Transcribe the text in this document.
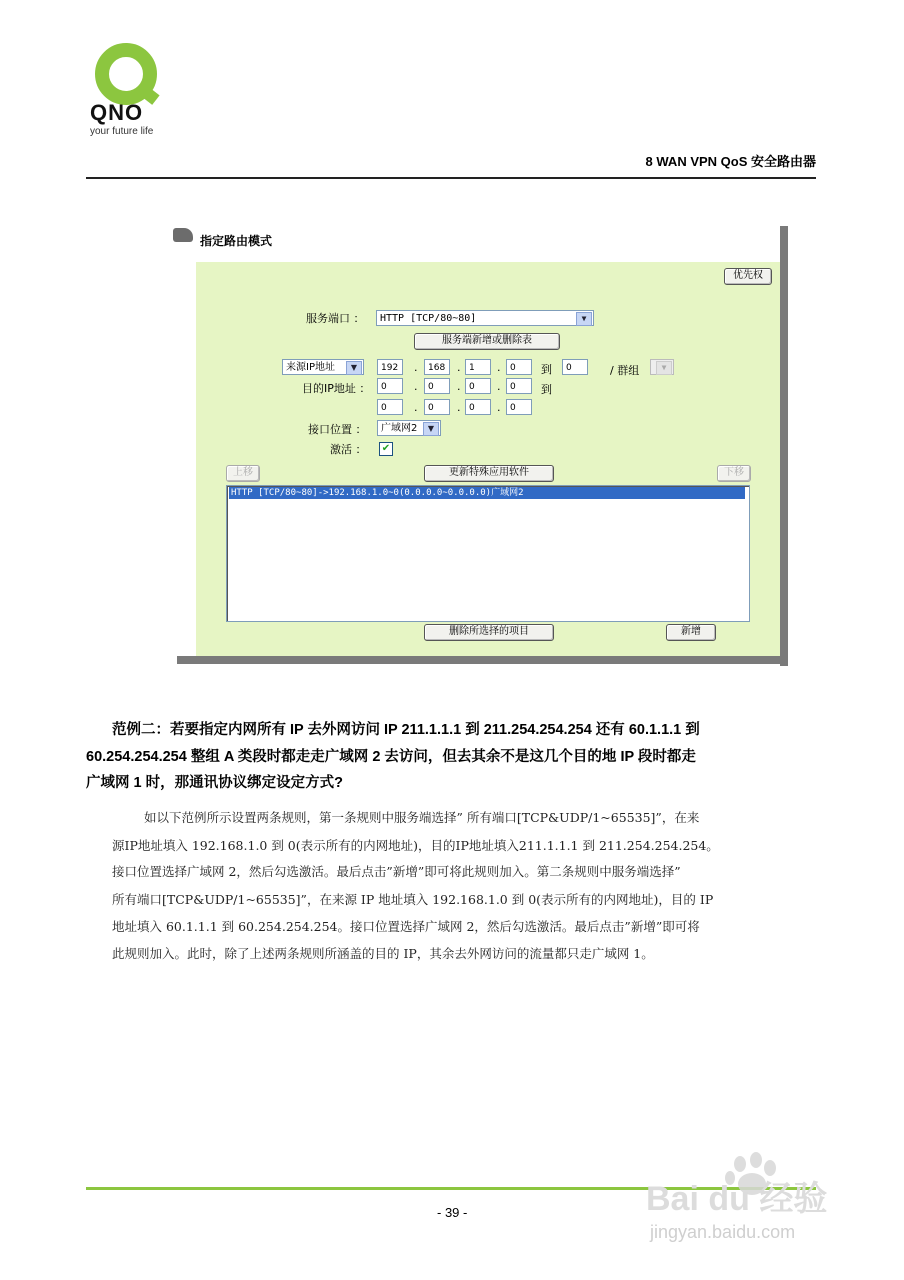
QNO
your future life
8 WAN VPN QoS 安全路由器
指定路由模式
优先权
服务端口 ：	HTTP [TCP/80~80]	▼
服务端新增或删除表
来源IP地址	▼	192	.	168	. 1	.	0	到	0	/ 群组	▼
目的IP地址 ：	0	.	0	. 0	.	0	到
0	.	0	. 0	.	0
接口位置 ：	广域网2	▼
激活 ： ✔
上移	更新特殊应用软件	下移
HTTP [TCP/80~80]->192.168.1.0~0(0.0.0.0~0.0.0.0)广域网2
删除所选择的项目	新增
范例二：若要指定内网所有 IP 去外网访问 IP 211.1.1.1 到 211.254.254.254 还有 60.1.1.1 到
60.254.254.254 整组 A 类段时都走走广域网 2 去访问，但去其余不是这几个目的地 IP 段时都走
广域网 1 时，那通讯协议绑定设定方式?
如以下范例所示设置两条规则，第一条规则中服务端选择” 所有端口[TCP&UDP/1~65535]”，在来
源IP地址填入 192.168.1.0 到 0(表示所有的内网地址)，目的IP地址填入211.1.1.1 到 211.254.254.254。
接口位置选择广域网 2，然后勾选激活。最后点击”新增”即可将此规则加入。第二条规则中服务端选择”
所有端口[TCP&UDP/1~65535]”，在来源 IP 地址填入 192.168.1.0 到 0(表示所有的内网地址)，目的 IP
地址填入 60.1.1.1 到 60.254.254.254。接口位置选择广域网 2，然后勾选激活。最后点击”新增”即可将
此规则加入。此时，除了上述两条规则所涵盖的目的 IP，其余去外网访问的流量都只走广域网 1。
- 39 -	Bai du 经验
jingyan.baidu.com
